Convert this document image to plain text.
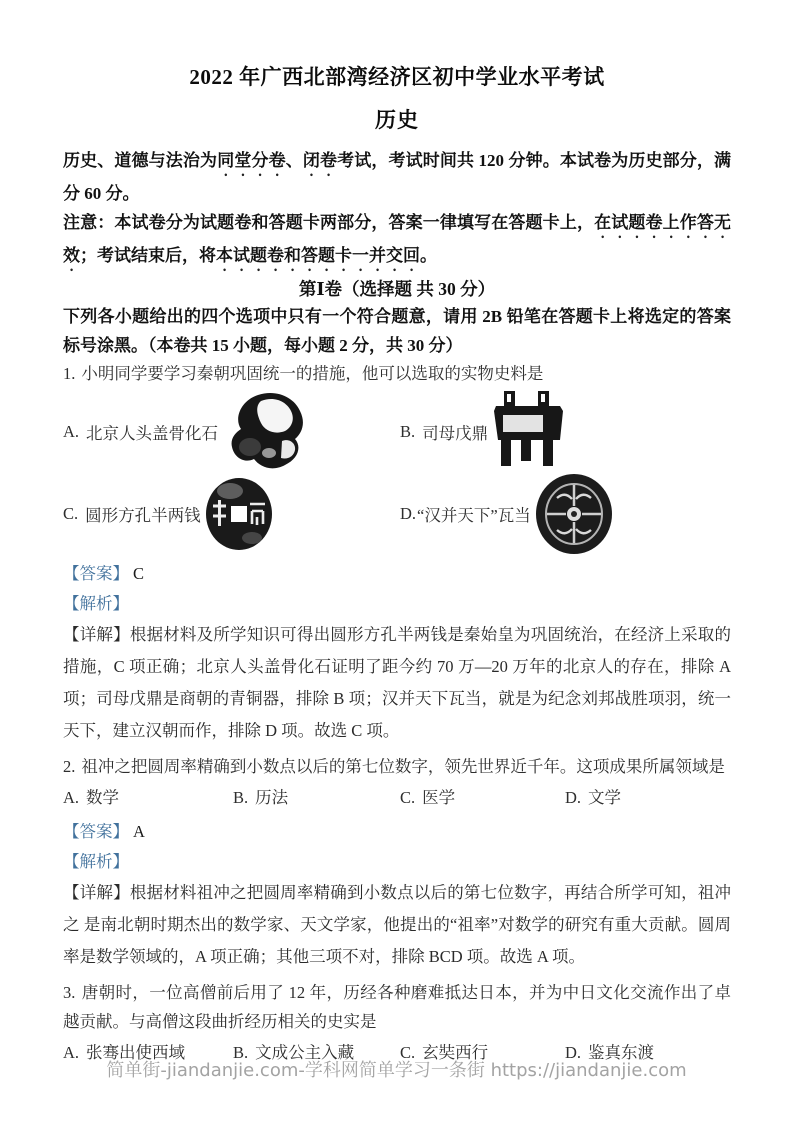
2022 年广西北部湾经济区初中学业水平考试
历史

历史、道德与法治为同堂分卷、闭卷考试，考试时间共 120 分钟。本试卷为历史部分，满分 60 分。

注意：本试卷分为试题卷和答题卡两部分，答案一律填写在答题卡上，在试题卷上作答无效；考试结束后，将本试题卷和答题卡一并交回。

第Ⅰ卷（选择题 共 30 分）

下列各小题给出的四个选项中只有一个符合题意，请用 2B 铅笔在答题卡上将选定的答案标号涂黑。（本卷共 15 小题，每小题 2 分，共 30 分）

1. 小明同学要学习秦朝巩固统一的措施，他可以选取的实物史料是

A. 北京人头盖骨化石	B. 司母戊鼎
C. 圆形方孔半两钱	D. “汉并天下”瓦当

【答案】 C

【解析】

【详解】根据材料及所学知识可得出圆形方孔半两钱是秦始皇为巩固统治，在经济上采取的措施，C 项正确；北京人头盖骨化石证明了距今约 70 万—20 万年的北京人的存在，排除 A 项；司母戊鼎是商朝的青铜器，排除 B 项；汉并天下瓦当，就是为纪念刘邦战胜项羽，统一天下，建立汉朝而作，排除 D 项。故选 C 项。

2. 祖冲之把圆周率精确到小数点以后的第七位数字，领先世界近千年。这项成果所属领域是

A. 数学	B. 历法	C. 医学	D. 文学

【答案】 A

【解析】

【详解】根据材料祖冲之把圆周率精确到小数点以后的第七位数字，再结合所学可知，祖冲之 是南北朝时期杰出的数学家、天文学家，他提出的“祖率”对数学的研究有重大贡献。圆周率是数学领域的，A 项正确；其他三项不对，排除 BCD 项。故选 A 项。

3. 唐朝时，一位高僧前后用了 12 年，历经各种磨难抵达日本，并为中日文化交流作出了卓越贡献。与高僧这段曲折经历相关的史实是

A. 张骞出使西域	B. 文成公主入藏	C. 玄奘西行	D. 鉴真东渡
简单街-jiandanjie.com-学科网简单学习一条街 https://jiandanjie.com
